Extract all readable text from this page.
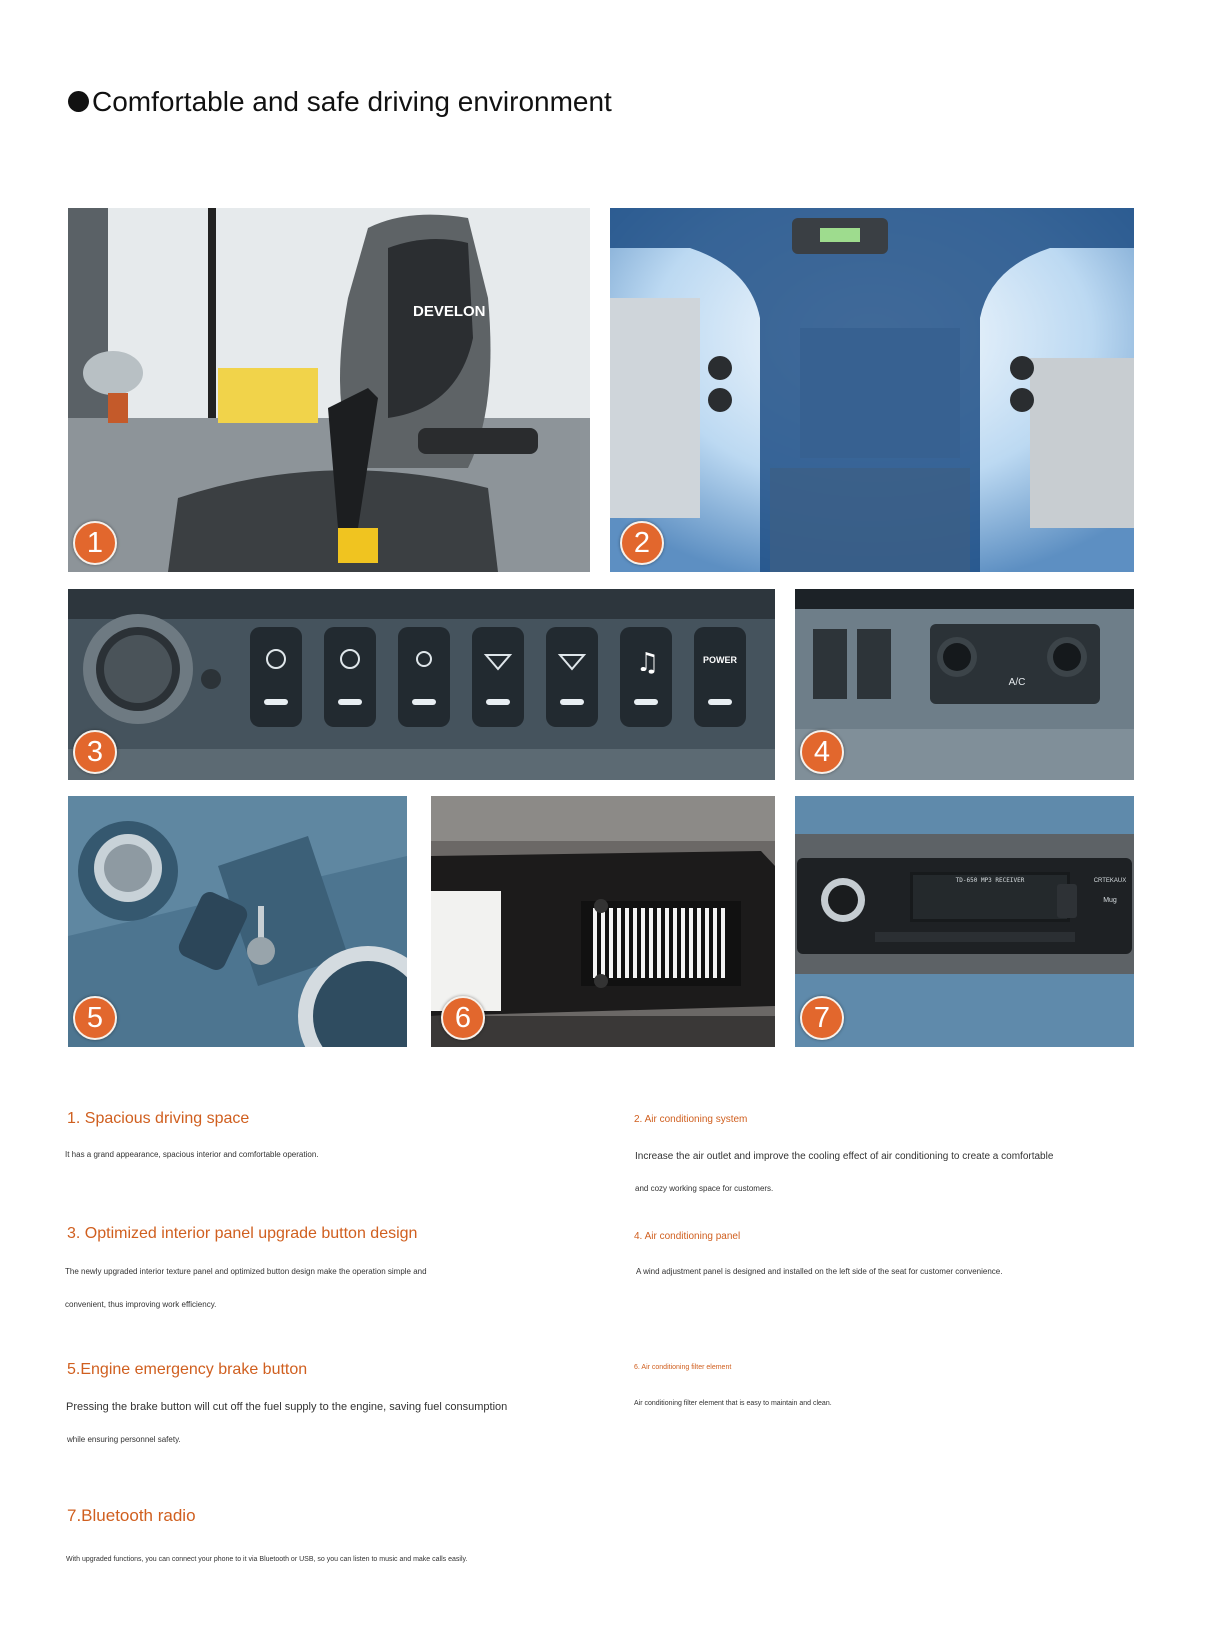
Comfortable and safe driving environment
DEVELON
1	2
♫	POWER
3
A/C
4
5	6
TD-650 MP3 RECEIVER	CRTEKAUX
Mug
7
1. Spacious driving space

It has a grand appearance, spacious interior and comfortable operation.

2. Air conditioning system

Increase the air outlet and improve the cooling effect of air conditioning to create a comfortable

and cozy working space for customers.

3. Optimized interior panel upgrade button design

The newly upgraded interior texture panel and optimized button design make the operation simple and

convenient, thus improving work efficiency.

4. Air conditioning panel

A wind adjustment panel is designed and installed on the left side of the seat for customer convenience.

5.Engine emergency brake button

Pressing the brake button will cut off the fuel supply to the engine, saving fuel consumption

while ensuring personnel safety.

6. Air conditioning filter element

Air conditioning filter element that is easy to maintain and clean.

7.Bluetooth radio

With upgraded functions, you can connect your phone to it via Bluetooth or USB, so you can listen to music and make calls easily.
